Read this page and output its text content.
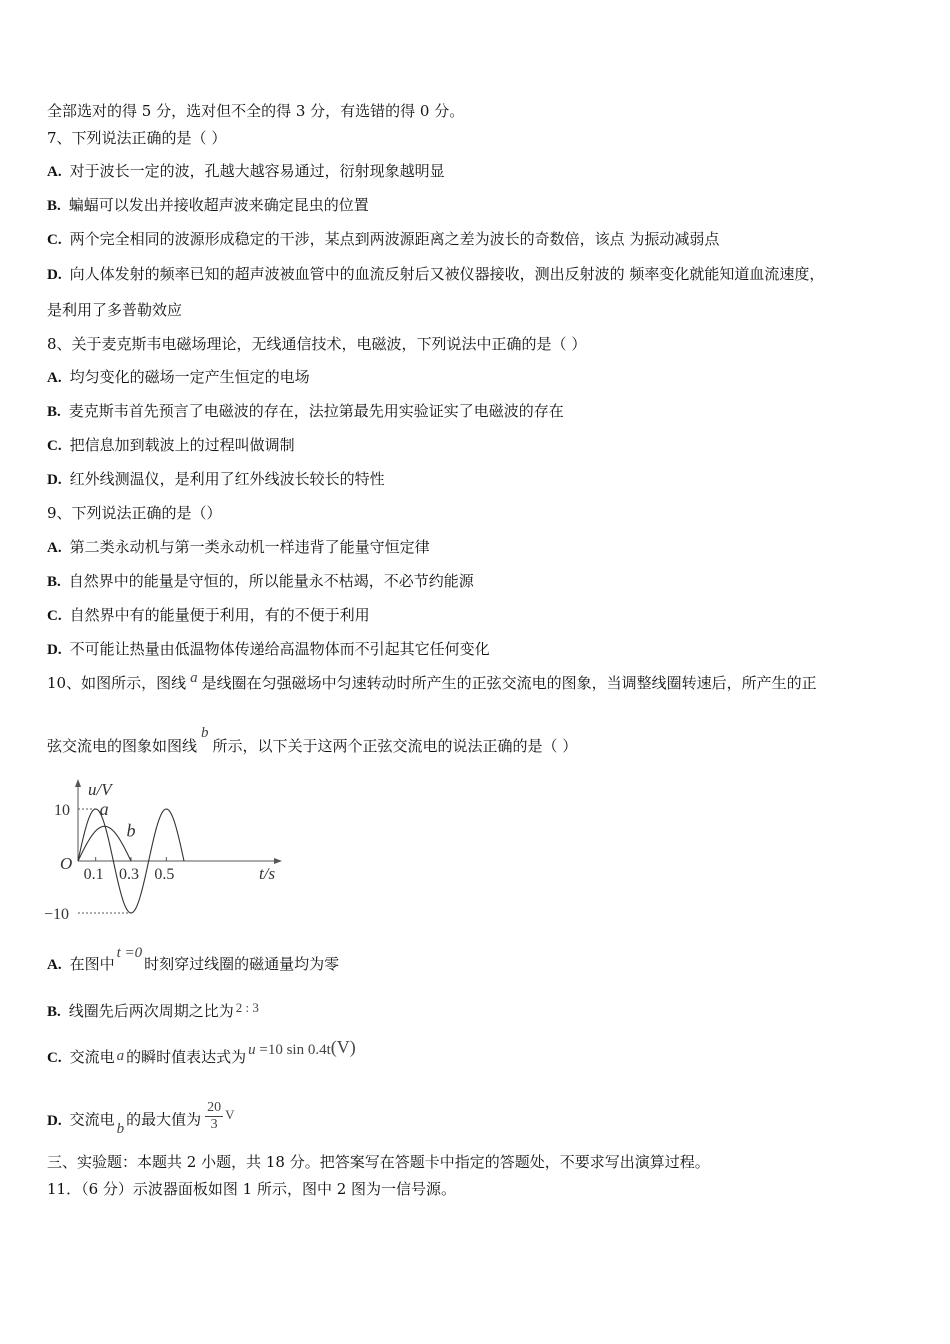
全部选对的得 5 分，选对但不全的得 3 分，有选错的得 0 分。
7、下列说法正确的是（ ）
A. 对于波长一定的波，孔越大越容易通过，衍射现象越明显
B. 蝙蝠可以发出并接收超声波来确定昆虫的位置
C. 两个完全相同的波源形成稳定的干涉，某点到两波源距离之差为波长的奇数倍，该点 为振动减弱点
D. 向人体发射的频率已知的超声波被血管中的血流反射后又被仪器接收，测出反射波的 频率变化就能知道血流速度，
是利用了多普勒效应
8、关于麦克斯韦电磁场理论，无线通信技术，电磁波，下列说法中正确的是（ ）
A. 均匀变化的磁场一定产生恒定的电场
B. 麦克斯韦首先预言了电磁波的存在，法拉第最先用实验证实了电磁波的存在
C. 把信息加到载波上的过程叫做调制
D. 红外线测温仪，是利用了红外线波长较长的特性
9、下列说法正确的是（）
A. 第二类永动机与第一类永动机一样违背了能量守恒定律
B. 自然界中的能量是守恒的，所以能量永不枯竭，不必节约能源
C. 自然界中有的能量便于利用，有的不便于利用
D. 不可能让热量由低温物体传递给高温物体而不引起其它任何变化
10、如图所示，图线 a 是线圈在匀强磁场中匀速转动时所产生的正弦交流电的图象，当调整线圈转速后，所产生的正
弦交流电的图象如图线b所示，以下关于这两个正弦交流电的说法正确的是（ ）
u/V
t/s
O
10
−10
0.1 0.3 0.5
a
b
A. 在图中t =0时刻穿过线圈的磁通量均为零
B. 线圈先后两次周期之比为 2 : 3
C. 交流电 a 的瞬时值表达式为 u =10 sin 0.4t(V)
D. 交流电 b 的最大值为 $\frac{20}{3}$ V
三、实验题：本题共 2 小题，共 18 分。把答案写在答题卡中指定的答题处，不要求写出演算过程。
11．（6 分）示波器面板如图 1 所示，图中 2 图为一信号源。
